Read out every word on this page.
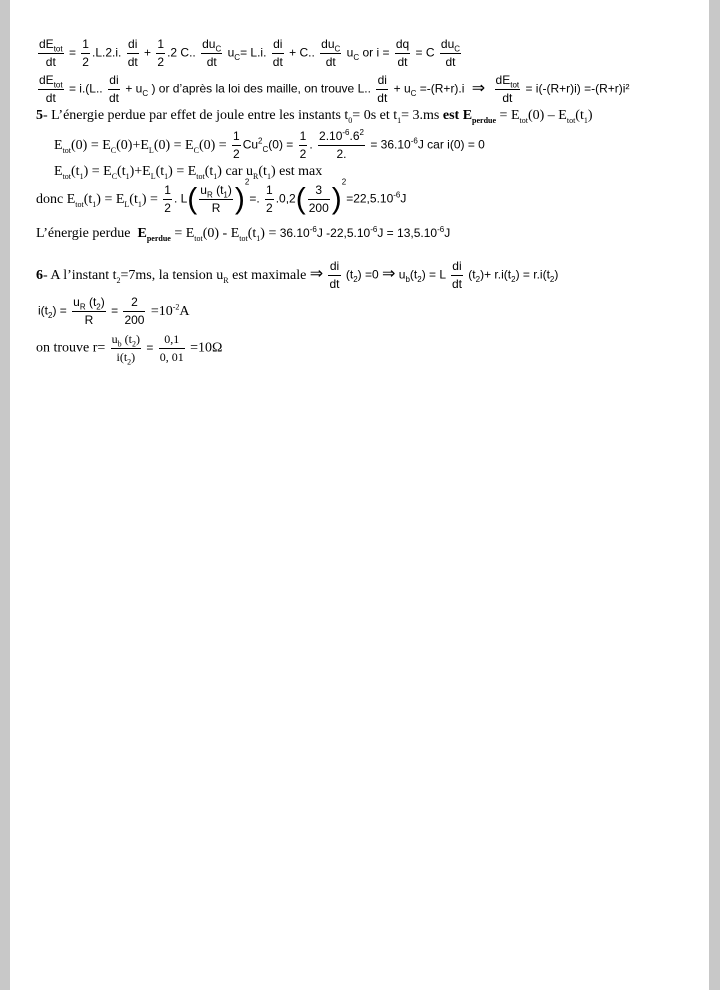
$\frac{dE_{tot}}{dt} = \frac{1}{2} .L.2.i$. $\frac{di}{dt} + \frac{1}{2} .2$ C.. $\frac{du_C}{dt} u_C= L.i$. $\frac{di}{dt} + C$.. $\frac{du_C}{dt} u_C$ or $i = \frac{dq}{dt} = C \frac{du_C}{dt}$
$\frac{dE_{tot}}{dt} = i.(L$.. $\frac{di}{dt} + u_C$ ) or d’après la loi des maille, on trouve L.. $\frac{di}{dt} + u_C =-(R+r).i$ ⇒ $\frac{dE_{tot}}{dt} = i(-(R+r)i) =-(R+r)i^2$
5- L’énergie perdue par effet de joule entre les instants $t_0= 0s$ et $t_1= 3.ms$ est $E_{perdue} = E_{tot}(0) - E_{tot}(t_1)$
$E_{tot}(0) = E_C(0)+E_L(0) = E_C(0) = \frac{1}{2} Cu^2_C(0) = \frac{1}{2}$ . $\frac{2.10^{-6}.6^2}{2.} = 36.10^{-6}J$ car i(0) = 0
$E_{tot}(t_1) = E_C(t_1)+E_L(t_1) = E_{tot}(t_1)$ car $u_R(t_1)$ est max
donc $E_{tot}(t_1) = E_L(t_1) = \frac{1}{2}$ . $L( \frac{u_R (t_1)}{R} )^2=$. $\frac{1}{2} .0,2( \frac{3}{200} )^2=22,5.10^{-6}J$
L’énergie perdue $E_{perdue} = E_{tot}(0) - E_{tot}(t_1) = 36.10^{-6}J$ $-22,5.10^{-6}J = 13,5.10^{-6}J$
6- A l’instant $t_2=7ms$, la tension $u_R$ est maximale ⇒ $\frac{di}{dt} (t_2) =0$ ⇒ $u_b(t_2) = L \frac{di}{dt} (t_2)+ r.i(t_2) = r.i(t_2)$
$i(t_2) = \frac{u_R (t_2)}{R} = \frac{2}{200} =10^{-2}A$
on trouve $r= \frac{u_b (t_2)}{i(t_2)} = \frac{0,1}{0, 01} =10\Omega$
